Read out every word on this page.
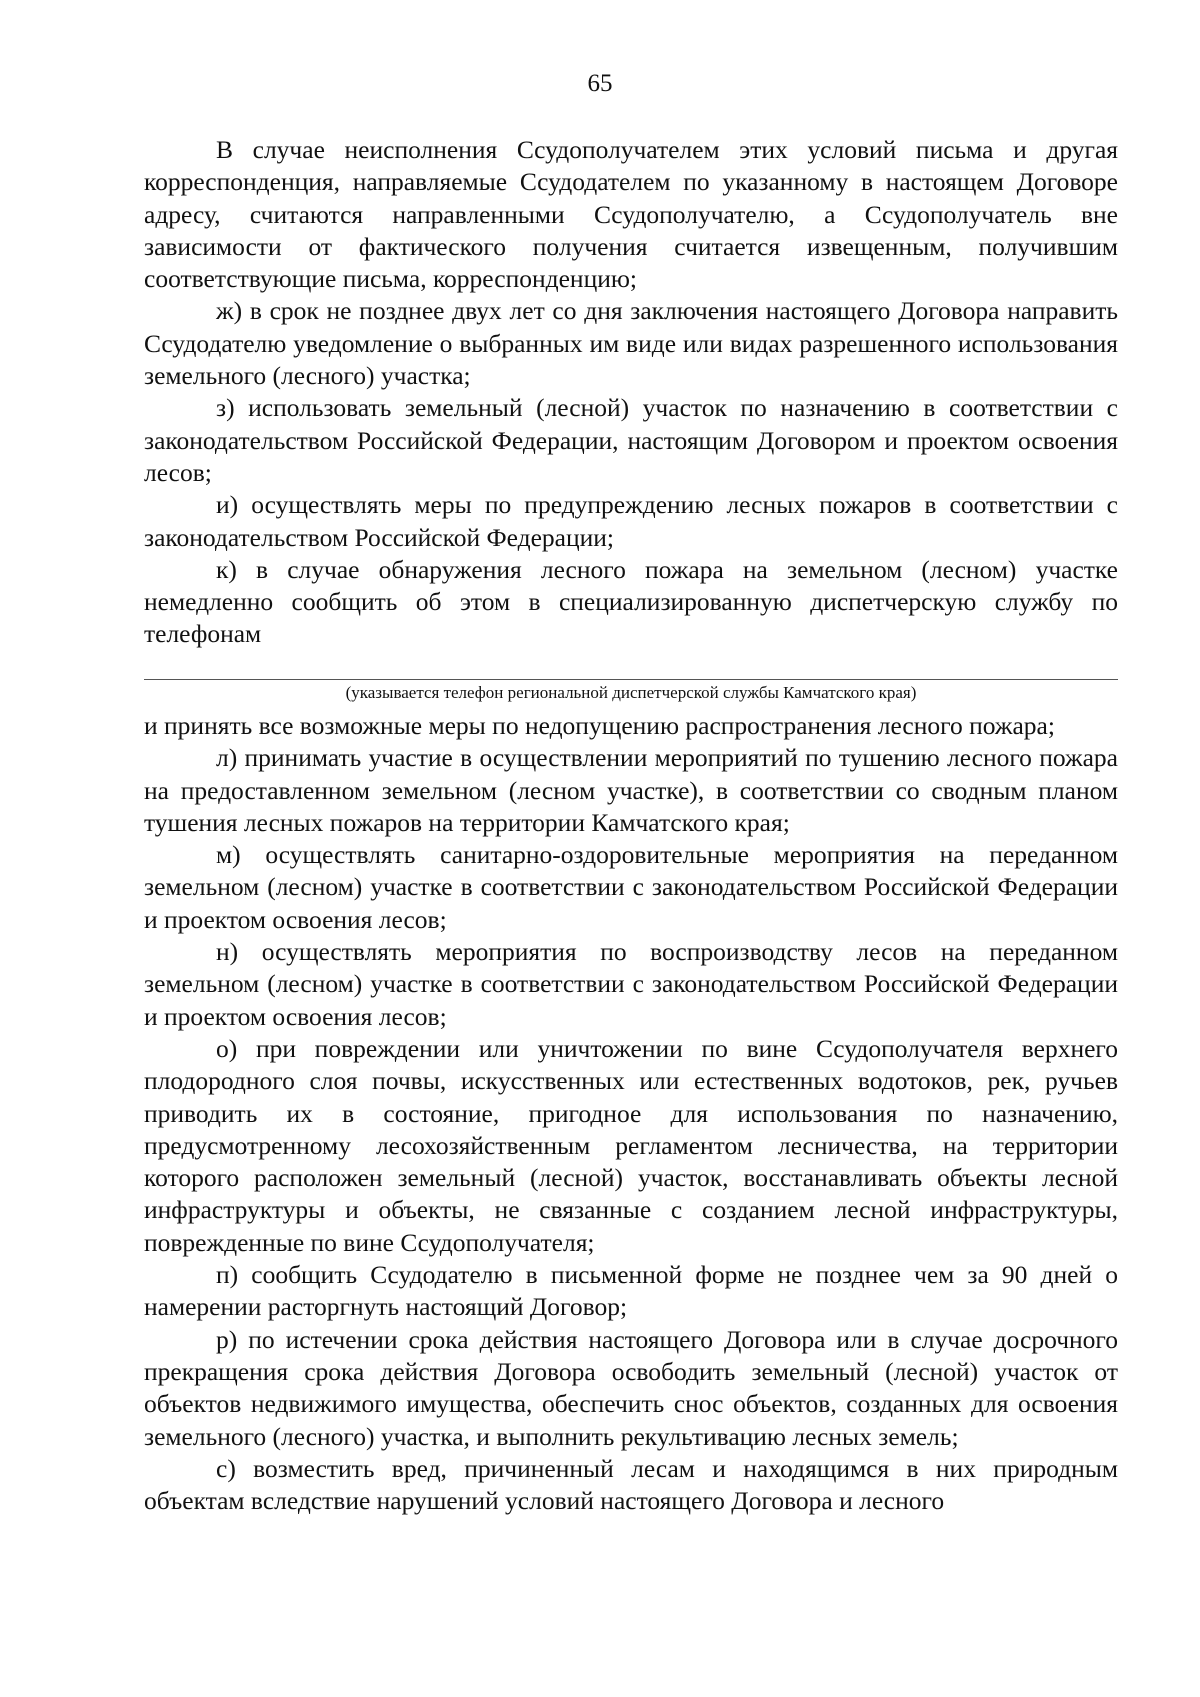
65

В случае неисполнения Ссудополучателем этих условий письма и другая корреспонденция, направляемые Ссудодателем по указанному в настоящем Договоре адресу, считаются направленными Ссудополучателю, а Ссудополучатель вне зависимости от фактического получения считается извещенным, получившим соответствующие письма, корреспонденцию;

ж) в срок не позднее двух лет со дня заключения настоящего Договора направить Ссудодателю уведомление о выбранных им виде или видах разрешенного использования земельного (лесного) участка;

з) использовать земельный (лесной) участок по назначению в соответствии с законодательством Российской Федерации, настоящим Договором и проектом освоения лесов;

и) осуществлять меры по предупреждению лесных пожаров в соответствии с законодательством Российской Федерации;

к) в случае обнаружения лесного пожара на земельном (лесном) участке немедленно сообщить об этом в специализированную диспетчерскую службу по телефонам

(указывается телефон региональной диспетчерской службы Камчатского края)

и принять все возможные меры по недопущению распространения лесного пожара;

л) принимать участие в осуществлении мероприятий по тушению лесного пожара на предоставленном земельном (лесном участке), в соответствии со сводным планом тушения лесных пожаров на территории Камчатского края;

м) осуществлять санитарно-оздоровительные мероприятия на переданном земельном (лесном) участке в соответствии с законодательством Российской Федерации и проектом освоения лесов;

н) осуществлять мероприятия по воспроизводству лесов на переданном земельном (лесном) участке в соответствии с законодательством Российской Федерации и проектом освоения лесов;

о) при повреждении или уничтожении по вине Ссудополучателя верхнего плодородного слоя почвы, искусственных или естественных водотоков, рек, ручьев приводить их в состояние, пригодное для использования по назначению, предусмотренному лесохозяйственным регламентом лесничества, на территории которого расположен земельный (лесной) участок, восстанавливать объекты лесной инфраструктуры и объекты, не связанные с созданием лесной инфраструктуры, поврежденные по вине Ссудополучателя;

п) сообщить Ссудодателю в письменной форме не позднее чем за 90 дней о намерении расторгнуть настоящий Договор;

р) по истечении срока действия настоящего Договора или в случае досрочного прекращения срока действия Договора освободить земельный (лесной) участок от объектов недвижимого имущества, обеспечить снос объектов, созданных для освоения земельного (лесного) участка, и выполнить рекультивацию лесных земель;

с) возместить вред, причиненный лесам и находящимся в них природным объектам вследствие нарушений условий настоящего Договора и лесного
